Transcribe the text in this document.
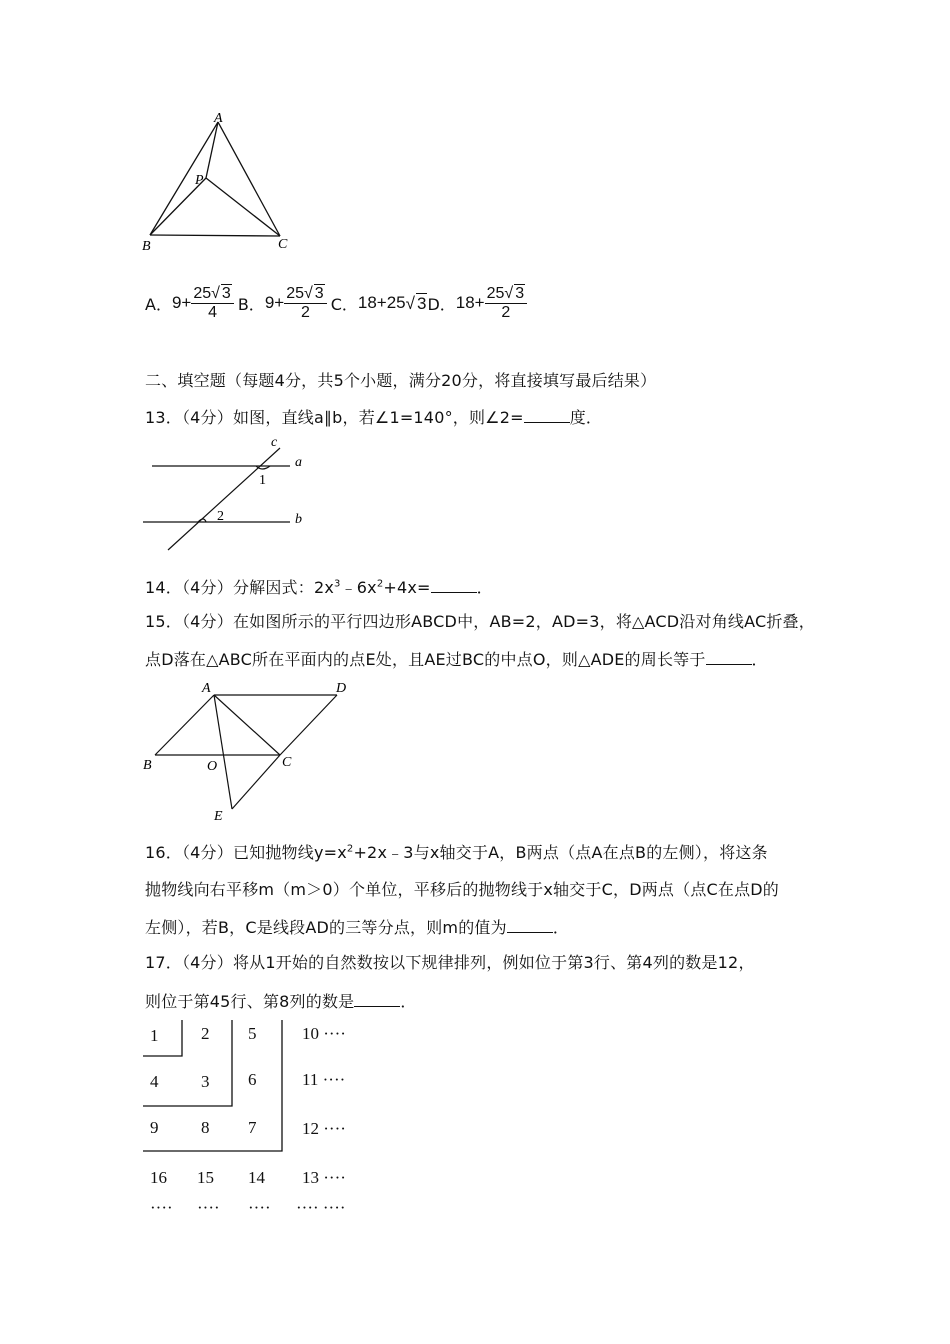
A
P
B	C
A． $9+ \frac{25√ 3}{4}$ B． $9+ \frac{25√ 3}{2}$ C． 18+25 √ 3 D． $18+ \frac{25√ 3}{2}$
二、填空题（每题4分，共5个小题，满分20分，将直接填写最后结果）
13．（4分）如图，直线a∥b，若∠1=140°，则∠2=	度．
c
a
b
1
2
14．（4分）分解因式：$2x^3﹣6x^2+4x=$	．
15．（4分）在如图所示的平行四边形ABCD中，AB=2，AD=3，将△ACD沿对角线AC折叠，
点D落在△ABC所在平面内的点E处，且AE过BC的中点O，则△ADE的周长等于	．
A	D
B	O	C
E
16．（4分）已知抛物线$y=x^2+2x﹣3$与x轴交于A，B两点（点A在点B的左侧），将这条
抛物线向右平移m（m＞0）个单位，平移后的抛物线于x轴交于C，D两点（点C在点D的
左侧），若B，C是线段AD的三等分点，则m的值为	．
17．（4分）将从1开始的自然数按以下规律排列，例如位于第3行、第4列的数是12，
则位于第45行、第8列的数是	．
1	2 5	10 ····
4	3 6	11 ····
9	8 7	12 ····
16 15 14 13 ····
···· ···· ···· ···· ····
